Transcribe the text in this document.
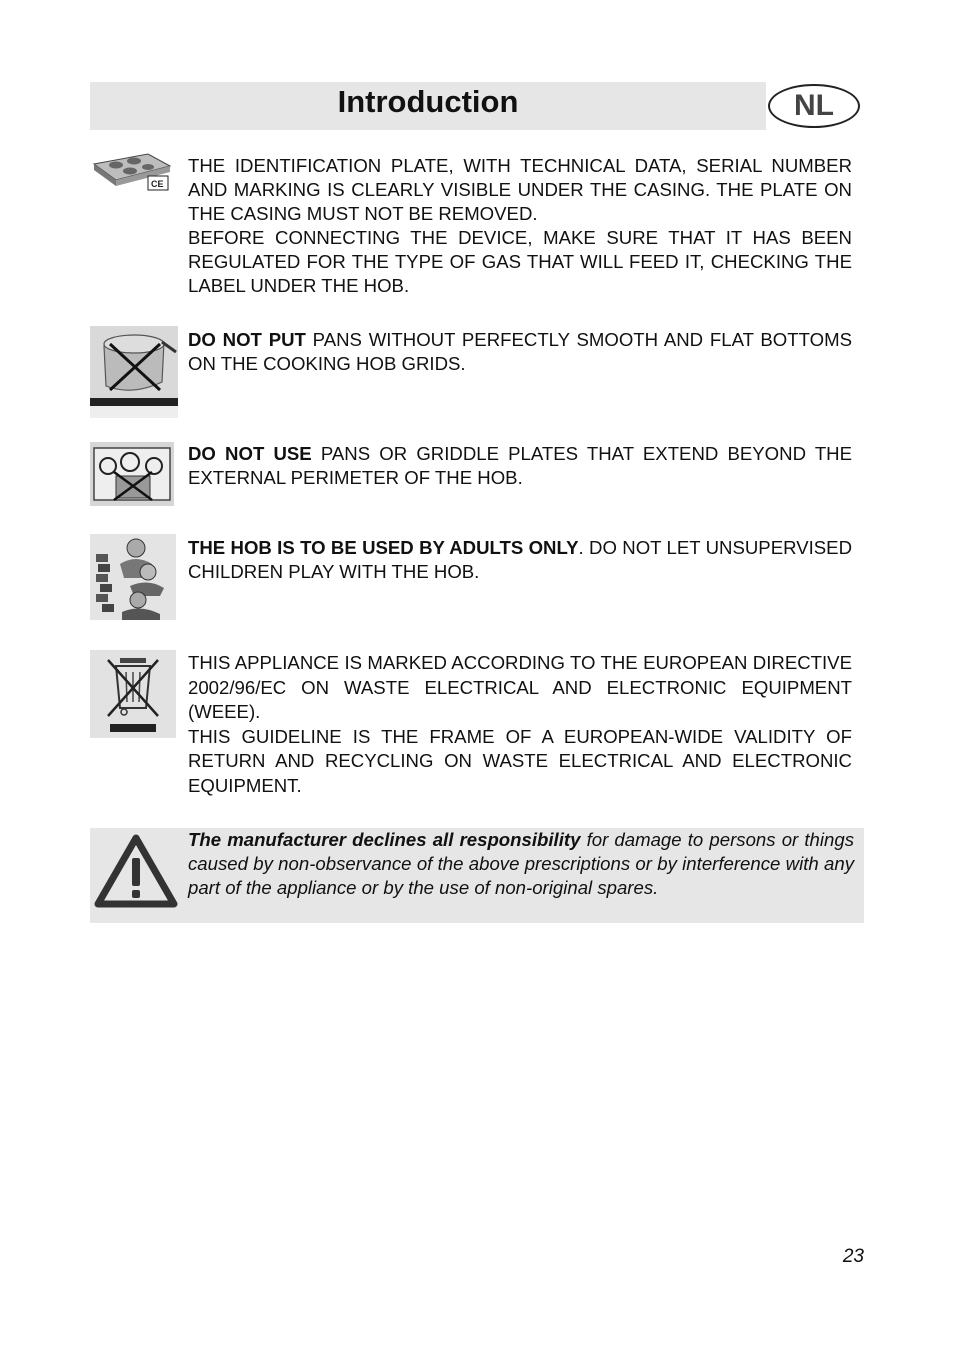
Introduction	NL
CE

THE IDENTIFICATION PLATE, WITH TECHNICAL DATA, SERIAL NUMBER AND MARKING IS CLEARLY VISIBLE UNDER THE CASING. THE PLATE ON THE CASING MUST NOT BE REMOVED.

BEFORE CONNECTING THE DEVICE, MAKE SURE THAT IT HAS BEEN REGULATED FOR THE TYPE OF GAS THAT WILL FEED IT, CHECKING THE LABEL UNDER THE HOB.

DO NOT PUT PANS WITHOUT PERFECTLY SMOOTH AND FLAT BOTTOMS ON THE COOKING HOB GRIDS.

DO NOT USE PANS OR GRIDDLE PLATES THAT EXTEND BEYOND THE EXTERNAL PERIMETER OF THE HOB.

THE HOB IS TO BE USED BY ADULTS ONLY. DO NOT LET UNSUPERVISED CHILDREN PLAY WITH THE HOB.

THIS APPLIANCE IS MARKED ACCORDING TO THE EUROPEAN DIRECTIVE 2002/96/EC ON WASTE ELECTRICAL AND ELECTRONIC EQUIPMENT (WEEE).

THIS GUIDELINE IS THE FRAME OF A EUROPEAN-WIDE VALIDITY OF RETURN AND RECYCLING ON WASTE ELECTRICAL AND ELECTRONIC EQUIPMENT.

The manufacturer declines all responsibility for damage to persons or things caused by non-observance of the above prescriptions or by interference with any part of the appliance or by the use of non-original spares.
23
